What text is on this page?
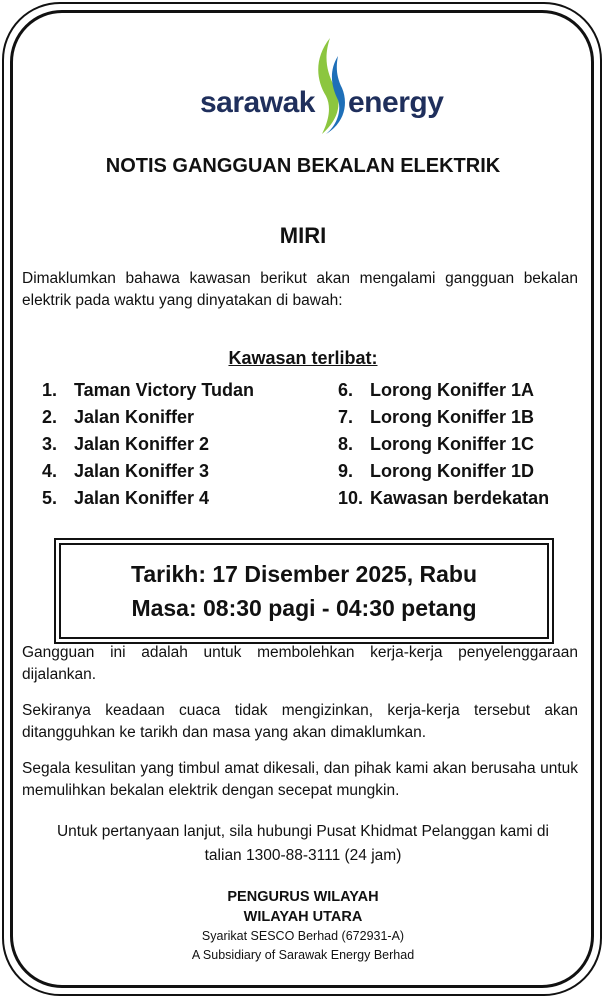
sarawak energy
NOTIS GANGGUAN BEKALAN ELEKTRIK
MIRI
Dimaklumkan bahawa kawasan berikut akan mengalami gangguan bekalan elektrik pada waktu yang dinyatakan di bawah:
Kawasan terlibat:
1. Taman Victory Tudan
2. Jalan Koniffer
3. Jalan Koniffer 2
4. Jalan Koniffer 3
5. Jalan Koniffer 4
6. Lorong Koniffer 1A
7. Lorong Koniffer 1B
8. Lorong Koniffer 1C
9. Lorong Koniffer 1D
10. Kawasan berdekatan
Tarikh: 17 Disember 2025, Rabu
Masa: 08:30 pagi - 04:30 petang
Gangguan ini adalah untuk membolehkan kerja-kerja penyelenggaraan dijalankan.
Sekiranya keadaan cuaca tidak mengizinkan, kerja-kerja tersebut akan ditangguhkan ke tarikh dan masa yang akan dimaklumkan.
Segala kesulitan yang timbul amat dikesali, dan pihak kami akan berusaha untuk memulihkan bekalan elektrik dengan secepat mungkin.
Untuk pertanyaan lanjut, sila hubungi Pusat Khidmat Pelanggan kami di
talian 1300-88-3111 (24 jam)
PENGURUS WILAYAH
WILAYAH UTARA
Syarikat SESCO Berhad (672931-A)
A Subsidiary of Sarawak Energy Berhad
